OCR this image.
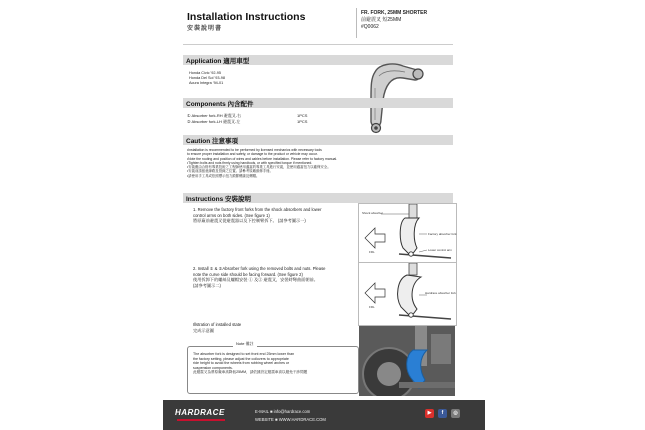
Installation Instructions
安裝說明書
FR. FORK, 25MM SHORTER
前避震叉 短25MM
#Q0062
Application 適用車型
Honda Civic '92-95
Honda Del Sol '93-98
Acura Integra '94-01
Components 內含配件
① Absorber fork-RH 避震叉-右	1PCS
② Absorber fork-LH 避震叉-左	1PCS
Caution 注意事項
•Installation is recommended to be performed by licensed mechanics with necessary tools
to ensure proper installation and safety, or damage to the product or vehicle may occur.
•Note the routing and position of wires and cables before installation. Please refer to factory manual.
•Tighten bolts and nuts firmly using handtools, or with specified torque if mentioned.
•安裝應由合格有專業技術之工程師使用適當的專業工具進行安裝，並使用適當扭力以確保安全。
•安裝前請留意線路及管線之位置。請參考原廠維修手冊。
•請使用手工具或依照標示扭力鎖緊螺絲及螺帽。
Instructions 安裝說明
1. Remove the factory front forks from the shock absorbers and lower
control arms on both sides. (See figure 1)
將原廠前避震叉從避震器以及下控制臂拆下。 (請參考圖示一)
Shock absorber
Factory absorber fork
Lower control arm
FRL
2. Install ① & ②Absorber fork using the removed bolts and nuts. Please
note the curve side should be facing forward. (See figure 2)
使用拆卸下的螺絲及螺帽安裝 ① 及② 避震叉，安裝時彎曲面朝前。
(請參考圖示二)
Hardrace absorber fork
FRL
Illstration of installed state
完成示意圖
Note 備註
The absorber fork is designed to set front end 25mm lower than
the factory setting, please adjust the coilovers to appropriate
ride height to avoid the wheels from rubbing wheel arches or
suspension components.
此避震叉為將原廠車高降低25MM，請依據設定避震車高以避免干涉問題
HARDRACE	E-MAIL ■ info@hardrace.com
WEBSITE ■ WWW.HARDRACE.COM
▶	f	◎
